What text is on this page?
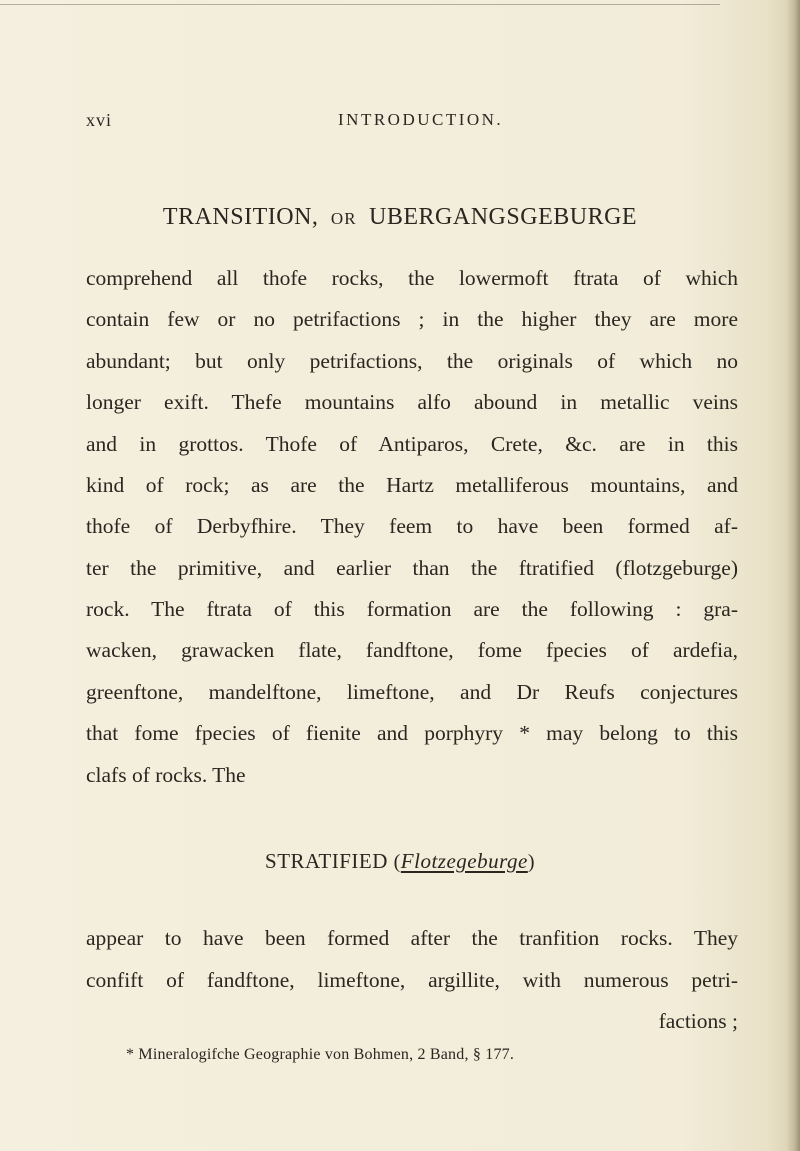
xvi	INTRODUCTION.
TRANSITION, OR UBERGANGSGEBURGE
comprehend all thofe rocks, the lowermoft ftrata of which
contain few or no petrifactions ; in the higher they are more
abundant; but only petrifactions, the originals of which no
longer exift. Thefe mountains alfo abound in metallic veins
and in grottos. Thofe of Antiparos, Crete, &c. are in this
kind of rock; as are the Hartz metalliferous mountains, and
thofe of Derbyfhire. They feem to have been formed af-
ter the primitive, and earlier than the ftratified (flotzgeburge)
rock. The ftrata of this formation are the following : gra-
wacken, grawacken flate, fandftone, fome fpecies of ardefia,
greenftone, mandelftone, limeftone, and Dr Reufs conjectures
that fome fpecies of fienite and porphyry * may belong to this
clafs of rocks. The
STRATIFIED (Flotzegeburge)
appear to have been formed after the tranfition rocks. They
confift of fandftone, limeftone, argillite, with numerous petri-
factions ;
* Mineralogifche Geographie von Bohmen, 2 Band, § 177.
